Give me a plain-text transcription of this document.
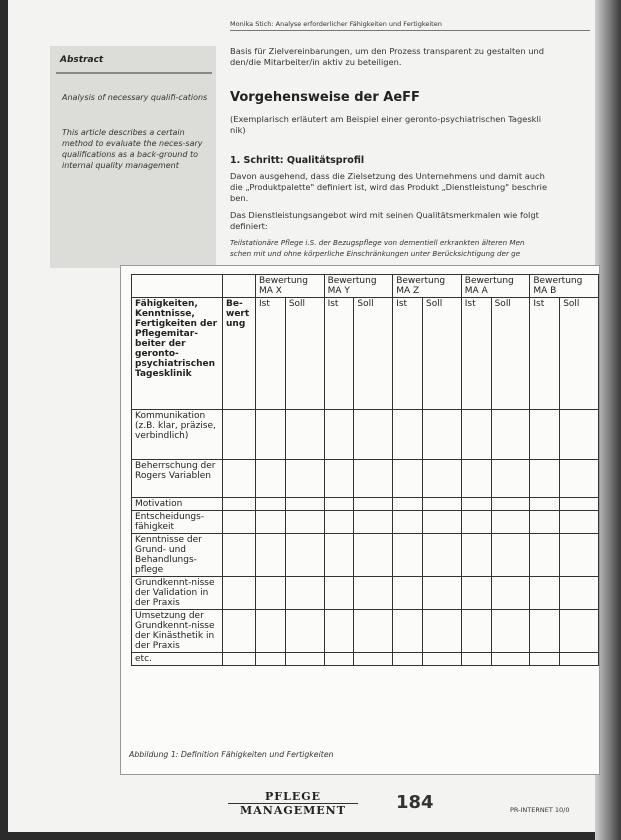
Monika Stich: Analyse erforderlicher Fähigkeiten und Fertigkeiten
Abstract
Analysis of necessary qualifi-cations
This article describes a certain method to evaluate the neces-sary qualifications as a back-ground to internal quality management
Basis für Zielvereinbarungen, um den Prozess transparent zu gestalten und
den/die Mitarbeiter/in aktiv zu beteiligen.
Vorgehensweise der AeFF
(Exemplarisch erläutert am Beispiel einer geronto-psychiatrischen Tageskli
nik)
1. Schritt: Qualitätsprofil
Davon ausgehend, dass die Zielsetzung des Unternehmens und damit auch
die „Produktpalette" definiert ist, wird das Produkt „Dienstleistung" beschrie
ben.
Das Dienstleistungsangebot wird mit seinen Qualitätsmerkmalen wie folgt
definiert:
Teilstationäre Pflege i.S. der Bezugspflege von dementiell erkrankten älteren Men
schen mit und ohne körperliche Einschränkungen unter Berücksichtigung der ge
		Bewertung MA X		Bewertung MA Y		Bewertung MA Z		Bewertung MA A		Bewertung MA B	
Fähigkeiten, Kenntnisse, Fertigkeiten der Pflegemitar-beiter der geronto-psychiatrischen Tagesklinik	Be-wert ung	Ist	Soll	Ist	Soll	Ist	Soll	Ist	Soll	Ist	Soll
Kommunikation (z.B. klar, präzise, verbindlich)											
Beherrschung der Rogers Variablen											
Motivation											
Entscheidungs-fähigkeit											
Kenntnisse der Grund- und Behandlungs-pflege											
Grundkennt-nisse der Validation in der Praxis											
Umsetzung der Grundkennt-nisse der Kinästhetik in der Praxis											
etc.											
Abbildung 1: Definition Fähigkeiten und Fertigkeiten
PFLEGE
MANAGEMENT	184	PR-INTERNET 10/0
